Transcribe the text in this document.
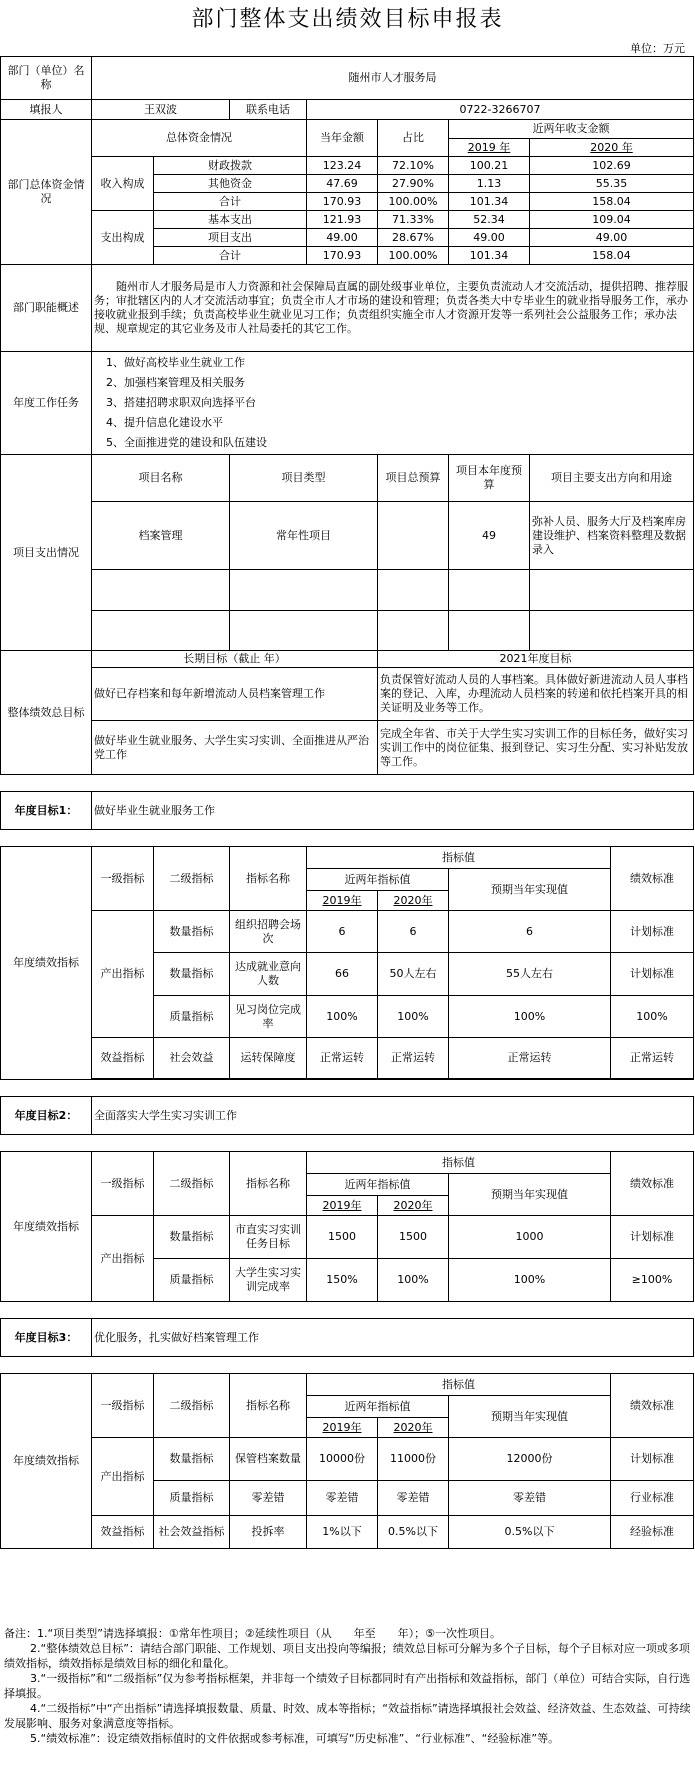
部门整体支出绩效目标申报表
单位：万元
部门（单位）名称	随州市人才服务局							
填报人	王双波		联系电话	0722-3266707				
部门总体资金情况	总体资金情况			当年金额	占比	近两年收支金额		
						2019 年	2020 年	
	收入构成	财政拨款		123.24	72.10%	100.21	102.69	
		其他资金		47.69	27.90%	1.13	55.35	
		合计		170.93	100.00%	101.34	158.04	
	支出构成	基本支出		121.93	71.33%	52.34	109.04	
		项目支出		49.00	28.67%	49.00	49.00	
		合计		170.93	100.00%	101.34	158.04	
部门职能概述	随州市人才服务局是市人力资源和社会保障局直属的副处级事业单位，主要负责流动人才交流活动，提供招聘、推荐服务；审批辖区内的人才交流活动事宜；负责全市人才市场的建设和管理；负责各类大中专毕业生的就业指导服务工作，承办接收就业报到手续；负责高校毕业生就业见习工作；负责组织实施全市人才资源开发等一系列社会公益服务工作；承办法规、规章规定的其它业务及市人社局委托的其它工作。							
年度工作任务	1、做好高校毕业生就业工作
2、加强档案管理及相关服务
3、搭建招聘求职双向选择平台
4、提升信息化建设水平
5、全面推进党的建设和队伍建设							

项目支出情况	项目名称		项目类型		项目总预算	项目本年度预算	项目主要支出方向和用途	
	档案管理		常年性项目			49	弥补人员、服务大厅及档案库房建设维护、档案资料整理及数据录入	

整体绩效总目标	长期目标（截止 年）				2021年度目标			
	做好已存档案和每年新增流动人员档案管理工作				负责保管好流动人员的人事档案。具体做好新进流动人员人事档案的登记、入库，办理流动人员档案的转递和依托档案开具的相关证明及业务等工作。			
	做好毕业生就业服务、大学生实习实训、全面推进从严治党工作				完成全年省、市关于大学生实习实训工作的目标任务，做好实习实训工作中的岗位征集、报到登记、实习生分配、实习补贴发放等工作。			

年度目标1：	做好毕业生就业服务工作							

年度绩效指标	一级指标	二级指标	指标名称	指标值				绩效标准
				近两年指标值		预期当年实现值		
				2019年	2020年			
	产出指标	数量指标	组织招聘会场次	6	6	6		计划标准
		数量指标	达成就业意向人数	66	50人左右	55人左右		计划标准
		质量指标	见习岗位完成率	100%	100%	100%		100%
	效益指标	社会效益	运转保障度	正常运转	正常运转	正常运转		正常运转

年度目标2：	全面落实大学生实习实训工作							

年度绩效指标	一级指标	二级指标	指标名称	指标值				绩效标准
				近两年指标值		预期当年实现值		
				2019年	2020年			
	产出指标	数量指标	市直实习实训任务目标	1500	1500	1000		计划标准
		质量指标	大学生实习实训完成率	150%	100%	100%		≥100%

年度目标3：	优化服务，扎实做好档案管理工作							

年度绩效指标	一级指标	二级指标	指标名称	指标值				绩效标准
				近两年指标值		预期当年实现值		
				2019年	2020年			
	产出指标	数量指标	保管档案数量	10000份	11000份	12000份		计划标准
		质量指标	零差错	零差错	零差错	零差错		行业标准
	效益指标	社会效益指标	投拆率	1%以下	0.5%以下	0.5%以下		经验标准

备注：1.“项目类型”请选择填报：①常年性项目；②延续性项目（从　　年至　　年）；⑤一次性项目。

2.“整体绩效总目标”：请结合部门职能、工作规划、项目支出投向等编报；绩效总目标可分解为多个子目标，每个子目标对应一项或多项绩效指标，绩效指标是绩效目标的细化和量化。

3.“一级指标”和“二级指标”仅为参考指标框架，并非每一个绩效子目标都同时有产出指标和效益指标，部门（单位）可结合实际，自行选择填报。

4.“二级指标”中“产出指标”请选择填报数量、质量、时效、成本等指标；“效益指标”请选择填报社会效益、经济效益、生态效益、可持续发展影响、服务对象满意度等指标。

5.“绩效标准”：设定绩效指标值时的文件依据或参考标准，可填写“历史标准”、“行业标准”、“经验标准”等。
